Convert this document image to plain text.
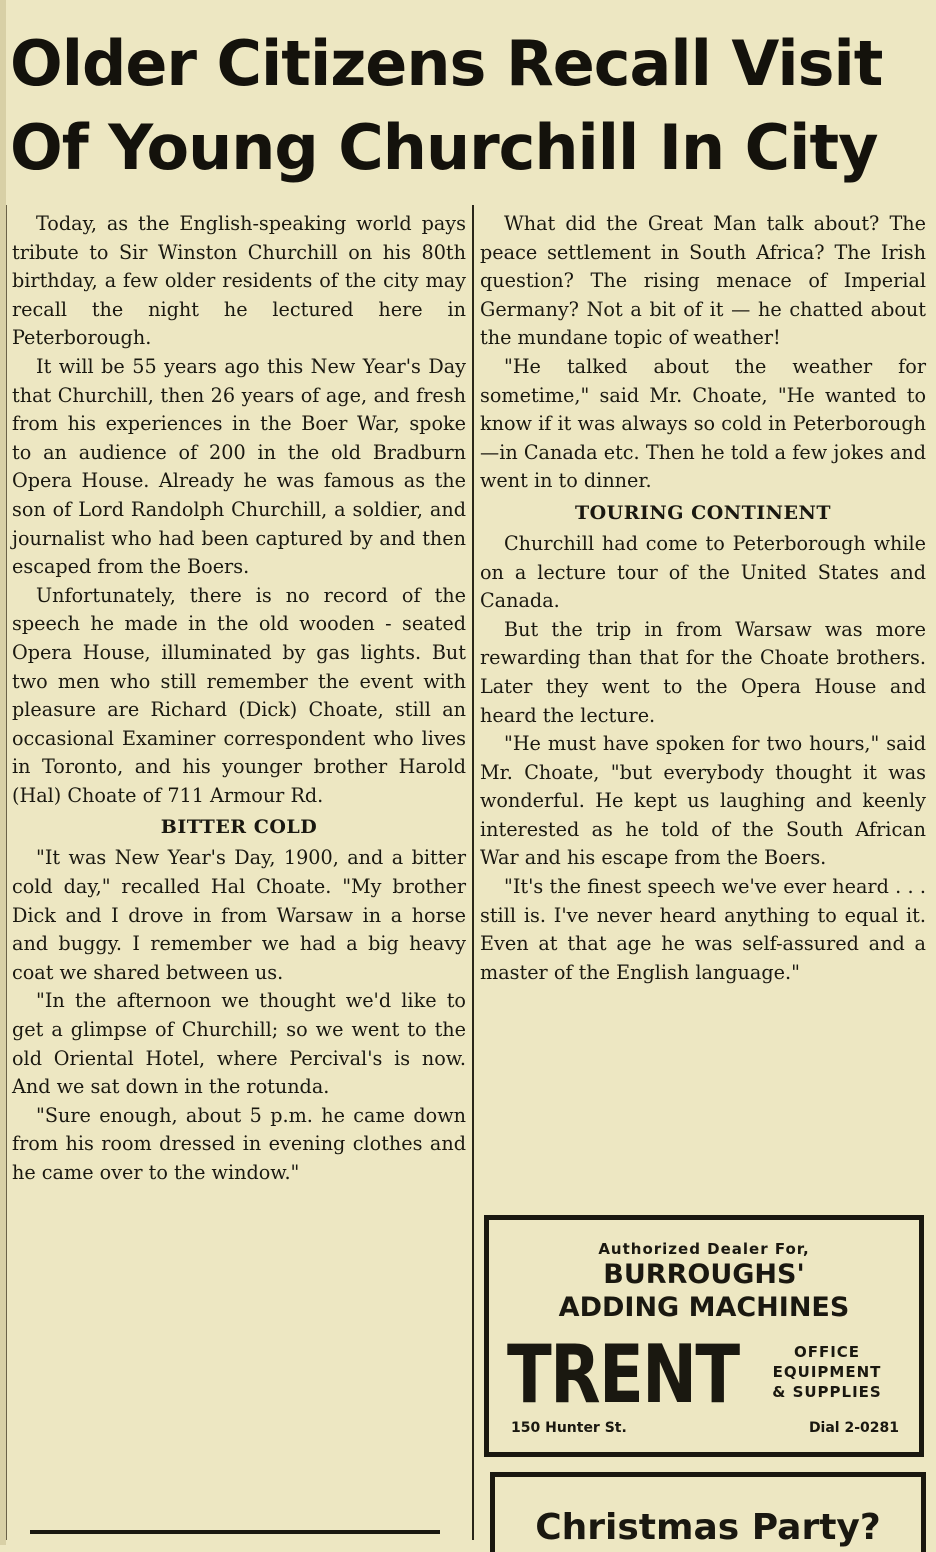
Older Citizens Recall Visit
Of Young Churchill In City

Today, as the English-speaking world pays tribute to Sir Winston Churchill on his 80th birthday, a few older residents of the city may recall the night he lectured here in Peterborough.

It will be 55 years ago this New Year's Day that Churchill, then 26 years of age, and fresh from his experiences in the Boer War, spoke to an audience of 200 in the old Bradburn Opera House. Already he was famous as the son of Lord Randolph Churchill, a soldier, and journalist who had been captured by and then escaped from the Boers.

Unfortunately, there is no record of the speech he made in the old wooden - seated Opera House, illuminated by gas lights. But two men who still remember the event with pleasure are Richard (Dick) Choate, still an occasional Examiner correspondent who lives in Toronto, and his younger brother Harold (Hal) Choate of 711 Armour Rd.

BITTER COLD

"It was New Year's Day, 1900, and a bitter cold day," recalled Hal Choate. "My brother Dick and I drove in from Warsaw in a horse and buggy. I remember we had a big heavy coat we shared between us.

"In the afternoon we thought we'd like to get a glimpse of Churchill; so we went to the old Oriental Hotel, where Percival's is now. And we sat down in the rotunda.

"Sure enough, about 5 p.m. he came down from his room dressed in evening clothes and he came over to the window."

What did the Great Man talk about? The peace settlement in South Africa? The Irish question? The rising menace of Imperial Germany? Not a bit of it — he chatted about the mundane topic of weather!

"He talked about the weather for sometime," said Mr. Choate, "He wanted to know if it was always so cold in Peterborough—in Canada etc. Then he told a few jokes and went in to dinner.

TOURING CONTINENT

Churchill had come to Peterborough while on a lecture tour of the United States and Canada.

But the trip in from Warsaw was more rewarding than that for the Choate brothers. Later they went to the Opera House and heard the lecture.

"He must have spoken for two hours," said Mr. Choate, "but everybody thought it was wonderful. He kept us laughing and keenly interested as he told of the South African War and his escape from the Boers.

"It's the finest speech we've ever heard . . . still is. I've never heard anything to equal it. Even at that age he was self-assured and a master of the English language."

Authorized Dealer For,
BURROUGHS'
ADDING MACHINES
TRENT	OFFICE
EQUIPMENT
& SUPPLIES
150 Hunter St.	Dial 2-0281
Christmas Party?
